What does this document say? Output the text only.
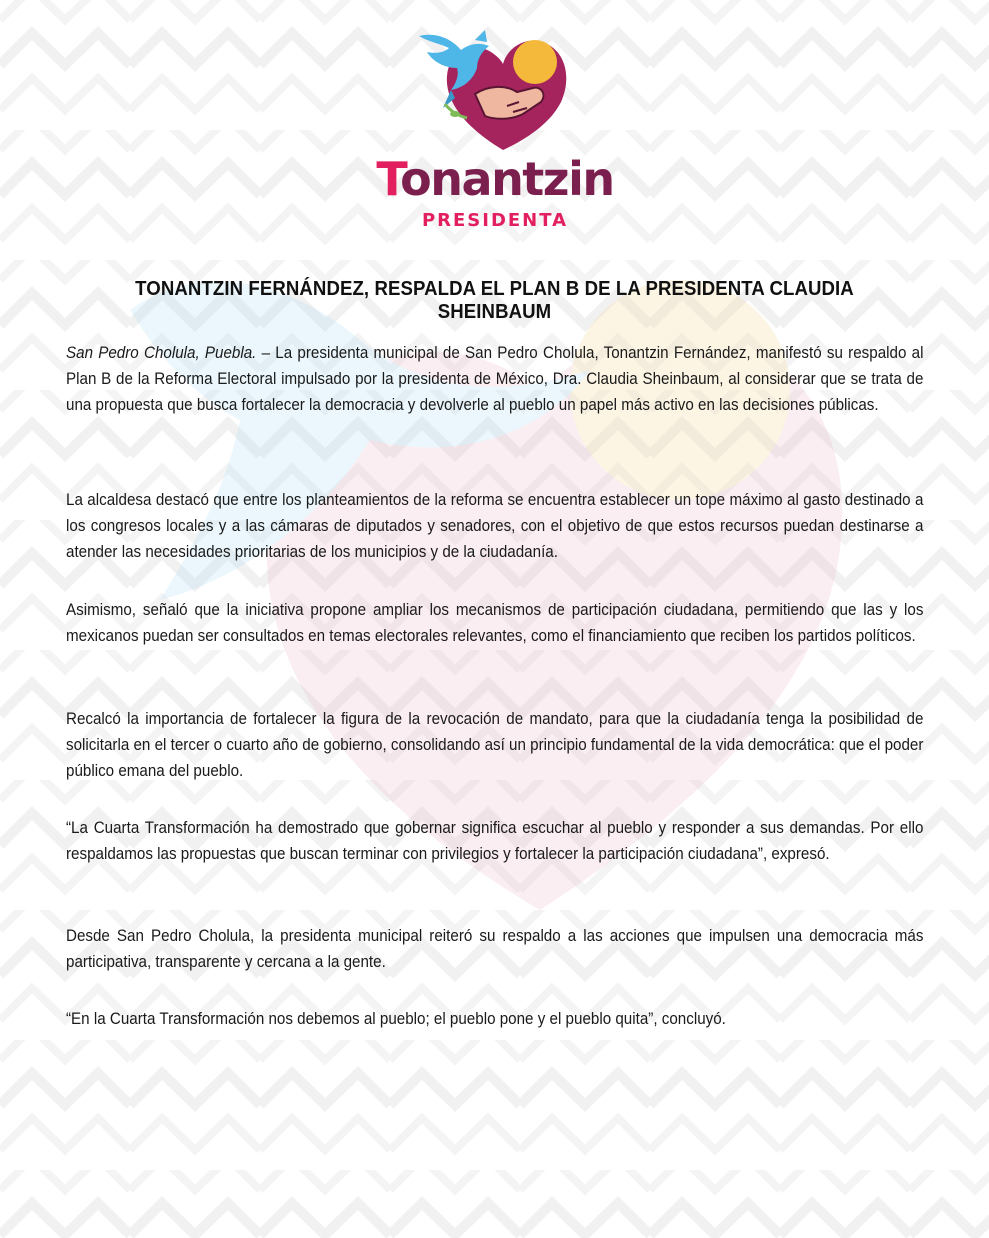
Tonantzin
PRESIDENTA
TONANTZIN FERNÁNDEZ, RESPALDA EL PLAN B DE LA PRESIDENTA CLAUDIA SHEINBAUM
San Pedro Cholula, Puebla. – La presidenta municipal de San Pedro Cholula, Tonantzin Fernández, manifestó su respaldo al Plan B de la Reforma Electoral impulsado por la presidenta de México, Dra. Claudia Sheinbaum, al considerar que se trata de una propuesta que busca fortalecer la democracia y devolverle al pueblo un papel más activo en las decisiones públicas.
La alcaldesa destacó que entre los planteamientos de la reforma se encuentra establecer un tope máximo al gasto destinado a los congresos locales y a las cámaras de diputados y senadores, con el objetivo de que estos recursos puedan destinarse a atender las necesidades prioritarias de los municipios y de la ciudadanía.
Asimismo, señaló que la iniciativa propone ampliar los mecanismos de participación ciudadana, permitiendo que las y los mexicanos puedan ser consultados en temas electorales relevantes, como el financiamiento que reciben los partidos políticos.
Recalcó la importancia de fortalecer la figura de la revocación de mandato, para que la ciudadanía tenga la posibilidad de solicitarla en el tercer o cuarto año de gobierno, consolidando así un principio fundamental de la vida democrática: que el poder público emana del pueblo.
“La Cuarta Transformación ha demostrado que gobernar significa escuchar al pueblo y responder a sus demandas. Por ello respaldamos las propuestas que buscan terminar con privilegios y fortalecer la participación ciudadana”, expresó.
Desde San Pedro Cholula, la presidenta municipal reiteró su respaldo a las acciones que impulsen una democracia más participativa, transparente y cercana a la gente.
“En la Cuarta Transformación nos debemos al pueblo; el pueblo pone y el pueblo quita”, concluyó.
